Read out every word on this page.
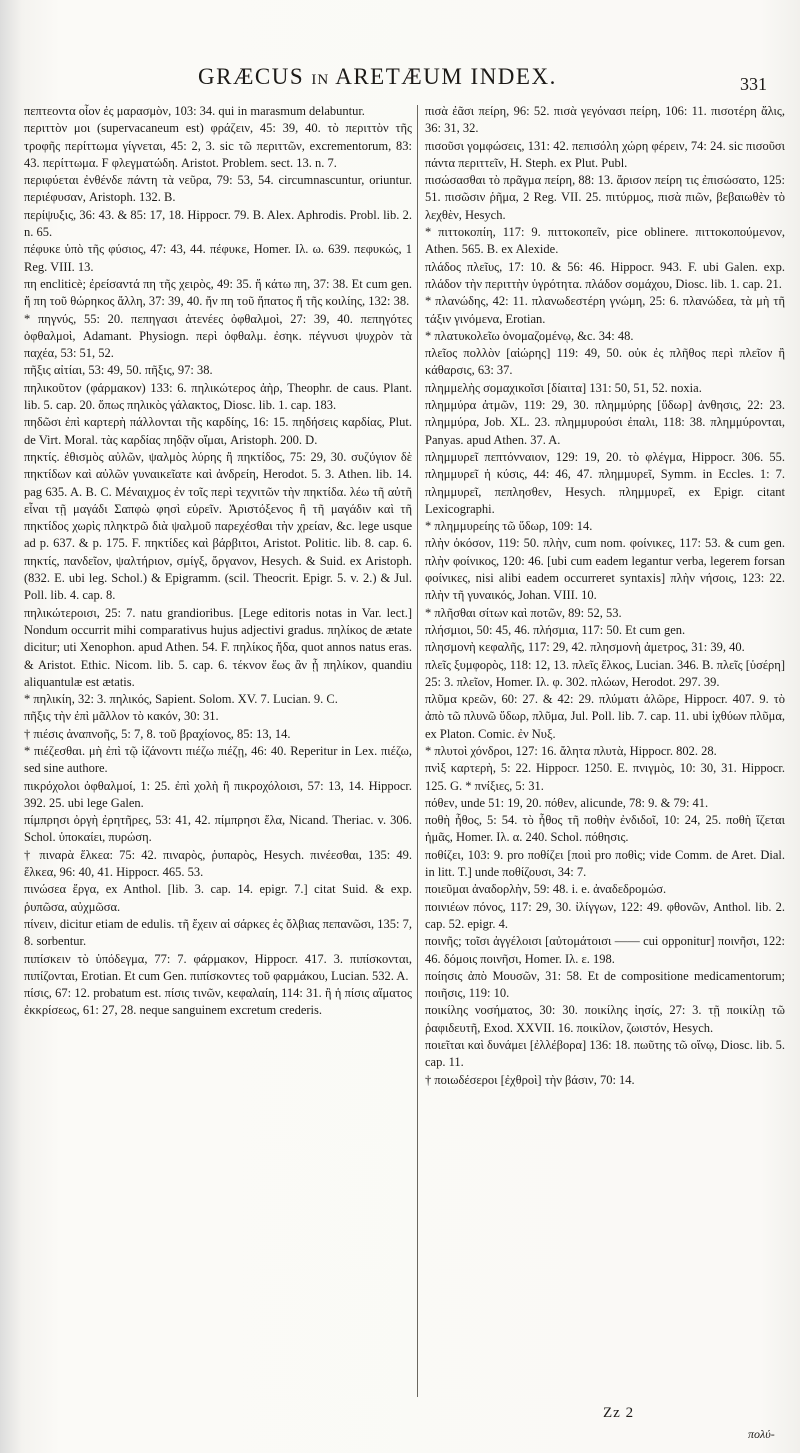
GRÆCUS IN ARETÆUM INDEX.	331

πεπτεοντα οἷον ἐς μαρασμὸν, 103: 34. qui in marasmum delabuntur.

περιττὸν μοι (supervacaneum est) φράζειν, 45: 39, 40. τὸ περιττὸν τῆς τροφῆς περίττωμα γίγνεται, 45: 2, 3. sic τῶ περιττῶν, excrementorum, 83: 43. περίττωμα. F φλεγματώδη. Aristot. Problem. sect. 13. n. 7.

περιφύεται ἐνθένδε πάντη τὰ νεῦρα, 79: 53, 54. circumnascuntur, oriuntur. περιέφυσαν, Aristoph. 132. B.

περίψυξις, 36: 43. & 85: 17, 18. Hippocr. 79. B. Alex. Aphrodis. Probl. lib. 2. n. 65.

πέφυκε ὑπὸ τῆς φύσιος, 47: 43, 44. πέφυκε, Homer. Iλ. ω. 639. πεφυκώς, 1 Reg. VIII. 13.

πη encliticè; ἐρείσαντά πη τῆς χειρὸς, 49: 35. ἤ κάτω πη, 37: 38. Et cum gen. ἤ πη τοῦ θώρηκος ἄλλη, 37: 39, 40. ἤν πη τοῦ ἥπατος ἤ τῆς κοιλίης, 132: 38.

* πηγνύς, 55: 20. πεπηγασι ἀτενέες ὀφθαλμοὶ, 27: 39, 40. πεπηγότες ὀφθαλμοὶ, Adamant. Physiogn. περὶ ὀφθαλμ. ἐσηκ. πέγνυσι ψυχρὸν τὰ παχέα, 53: 51, 52.

πῆξις αἰτίαι, 53: 49, 50. πῆξις, 97: 38.

πηλικοῦτον (φάρμακον) 133: 6. πηλικώτερος ἀὴρ, Theophr. de caus. Plant. lib. 5. cap. 20. ὅπως πηλικὸς γάλακτος, Diosc. lib. 1. cap. 183.

πηδῶσι ἐπὶ καρτερὴ πάλλονται τῆς καρδίης, 16: 15. πηδήσεις καρδίας, Plut. de Virt. Moral. τὰς καρδίας πηδᾷν οἴμαι, Aristoph. 200. D.

πηκτίς. ἐθισμὸς αὐλῶν, ψαλμὸς λύρης ἢ πηκτίδος, 75: 29, 30. συζύγιον δὲ πηκτίδων καὶ αὐλῶν γυναικεῖατε καὶ ἀνδρείη, Herodot. 5. 3. Athen. lib. 14. pag 635. A. B. C. Μέναιχμος ἐν τοῖς περὶ τεχνιτῶν τὴν πηκτίδα. λέω τῆ αὐτῆ εἶναι τῇ μαγάδι Σαπφὼ φησὶ εὑρεῖν. Ἀριστόξενος ἢ τῆ μαγάδιν καὶ τῆ πηκτίδος χωρὶς πληκτρῶ διὰ ψαλμοῦ παρεχέσθαι τὴν χρείαν, &c. lege usque ad p. 637. & p. 175. F. πηκτίδες καὶ βάρβιτοι, Aristot. Politic. lib. 8. cap. 6. πηκτίς, πανδεῖον, ψαλτήριον, σμίγξ, ὄργανον, Hesych. & Suid. ex Aristoph. (832. E. ubi leg. Schol.) & Epigramm. (scil. Theocrit. Epigr. 5. v. 2.) & Jul. Poll. lib. 4. cap. 8.

πηλικώτεροισι, 25: 7. natu grandioribus. [Lege editoris notas in Var. lect.] Nondum occurrit mihi comparativus hujus adjectivi gradus. πηλίκος de ætate dicitur; uti Xenophon. apud Athen. 54. F. πηλίκος ἤδα, quot annos natus eras. & Aristot. Ethic. Nicom. lib. 5. cap. 6. τέκνον ἕως ἂν ᾖ πηλίκον, quandiu aliquantulæ est ætatis.

* πηλικίη, 32: 3. πηλικός, Sapient. Solom. XV. 7. Lucian. 9. C.

πῆξις τὴν ἐπὶ μᾶλλον τὸ κακόν, 30: 31.

† πιέσις ἀναπνοῆς, 5: 7, 8. τοῦ βραχίονος, 85: 13, 14.

* πιέζεσθαι. μὴ ἐπὶ τῷ ἰζάνοντι πιέζω πιέζῃ, 46: 40. Reperitur in Lex. πιέζω, sed sine authore.

πικρόχολοι ὀφθαλμοί, 1: 25. ἐπὶ χολὴ ἢ πικροχόλοισι, 57: 13, 14. Hippocr. 392. 25. ubi lege Galen.

πίμπρησι ὀργὴ ἐρητῆρες, 53: 41, 42. πίμπρησι ἕλα, Nicand. Theriac. v. 306. Schol. ὑποκαίει, πυρώση.

† πιναρὰ ἕλκεα: 75: 42. πιναρὸς, ῥυπαρὸς, Hesych. πινέεσθαι, 135: 49. ἕλκεα, 96: 40, 41. Hippocr. 465. 53.

πινώσεα ἔργα, ex Anthol. [lib. 3. cap. 14. epigr. 7.] citat Suid. & exp. ῥυπῶσα, αὐχμῶσα.

πίνειν, dicitur etiam de edulis. τῆ ἔχειν αἱ σάρκες ἐς ὄλβιας πεπανῶσι, 135: 7, 8. sorbentur.

πιπίσκειν τὸ ὑπόδεγμα, 77: 7. φάρμακον, Hippocr. 417. 3. πιπίσκονται, πιπίζονται, Erotian. Et cum Gen. πιπίσκοντες τοῦ φαρμάκου, Lucian. 532. A.

πίσις, 67: 12. probatum est. πίσις τινῶν, κεφαλαίη, 114: 31. ἢ ἡ πίσις αἵματος ἐκκρίσεως, 61: 27, 28. neque sanguinem excretum crederis.

πισὰ ἐᾶσι πείρη, 96: 52. πισὰ γεγόνασι πείρη, 106: 11. πισοτέρη ἄλις, 36: 31, 32.

πισοῦσι γομφώσεις, 131: 42. πεπισόλη χώρη φέρειν, 74: 24. sic πισοῦσι πάντα περιττεῖν, H. Steph. ex Plut. Publ.

πισώσασθαι τὸ πρᾶγμα πείρη, 88: 13. ἄρισον πείρη τις ἐπισώσατο, 125: 51. πισῶσιν ῥῆμα, 2 Reg. VII. 25. πιτύρμος, πισὰ πιῶν, βεβαιωθὲν τὸ λεχθὲν, Hesych.

* πιττοκοπίη, 117: 9. πιττοκοπεῖν, pice oblinere. πιττοκοπούμενον, Athen. 565. B. ex Alexide.

πλάδος πλεῖυς, 17: 10. & 56: 46. Hippocr. 943. F. ubi Galen. exp. πλάδον τὴν περιττὴν ὑγρότητα. πλάδον σομάχου, Diosc. lib. 1. cap. 21.

* πλανώδης, 42: 11. πλανωδεστέρη γνώμη, 25: 6. πλανώδεα, τὰ μὴ τῆ τάξιν γινόμενα, Erotian.

* πλατυκολεῖω ὀνομαζομένῳ, &c. 34: 48.

πλεῖος πολλὸν [αἰώρης] 119: 49, 50. οὐκ ἐς πλῆθος περὶ πλεῖον ἢ κάθαρσις, 63: 37.

πλημμελὴς σομαχικοῖσι [δίαιτα] 131: 50, 51, 52. noxia.

πλημμύρα ἀτμῶν, 119: 29, 30. πλημμύρης [ὕδωρ] ἀνθησις, 22: 23. πλημμύρα, Job. XL. 23. πλημμυρούσι ἐπαλι, 118: 38. πλημμύρονται, Panyas. apud Athen. 37. A.

πλημμυρεῖ πεπτόνναιον, 129: 19, 20. τὸ φλέγμα, Hippocr. 306. 55. πλημμυρεῖ ἡ κύσις, 44: 46, 47. πλημμυρεῖ, Symm. in Eccles. 1: 7. πλημμυρεῖ, πεπλησθεν, Hesych. πλημμυρεῖ, ex Epigr. citant Lexicographi.

* πλημμυρείης τῶ ὕδωρ, 109: 14.

πλὴν ὀκόσον, 119: 50. πλὴν, cum nom. φοίνικες, 117: 53. & cum gen. πλὴν φοίνικος, 120: 46. [ubi cum eadem legantur verba, legerem forsan φοίνικες, nisi alibi eadem occurreret syntaxis] πλὴν νήσοις, 123: 22. πλὴν τῆ γυναικός, Johan. VIII. 10.

* πλῆσθαι σίτων καὶ ποτῶν, 89: 52, 53.

πλήσμιοι, 50: 45, 46. πλήσμια, 117: 50. Et cum gen.

πλησμονὴ κεφαλῆς, 117: 29, 42. πλησμονὴ ἀμετρος, 31: 39, 40.

πλεῖς ξυμφορὸς, 118: 12, 13. πλεῖς ἕλκος, Lucian. 346. B. πλεῖς [ὑσέρη] 25: 3. πλεῖον, Homer. Iλ. φ. 302. πλώων, Herodot. 297. 39.

πλῦμα κρεῶν, 60: 27. & 42: 29. πλύματι ἁλῶρε, Hippocr. 407. 9. τὸ ἀπὸ τῶ πλυνῶ ὕδωρ, πλῦμα, Jul. Poll. lib. 7. cap. 11. ubi ἰχθύων πλῦμα, ex Platon. Comic. ἐν Νυξ.

* πλυτοὶ χόνδροι, 127: 16. ἄλητα πλυτὰ, Hippocr. 802. 28.

πνὶξ καρτερὴ, 5: 22. Hippocr. 1250. E. πνιγμὸς, 10: 30, 31. Hippocr. 125. G. * πνίξιες, 5: 31.

πόθεν, unde 51: 19, 20. πόθεν, alicunde, 78: 9. & 79: 41.

ποθὴ ἦθος, 5: 54. τὸ ἦθος τῆ ποθὴν ἐνδιδοῖ, 10: 24, 25. ποθὴ ἵζεται ἡμᾶς, Homer. Iλ. α. 240. Schol. πόθησις.

ποθίζει, 103: 9. pro ποθίζει [ποιὶ pro ποθὶς; vide Comm. de Aret. Dial. in litt. T.] unde ποθίζουσι, 34: 7.

ποιεῦμαι ἀναδορλὴν, 59: 48. i. e. ἀναδεδρομώσ.

ποινιέων πόνος, 117: 29, 30. ἰλίγγων, 122: 49. φθονῶν, Anthol. lib. 2. cap. 52. epigr. 4.

ποινῆς; τοῖσι ἀγγέλοισι [αὐτομάτοισι —— cui opponitur] ποινῆσι, 122: 46. δόμοις ποινῆσι, Homer. Iλ. ε. 198.

ποίησις ἀπὸ Μουσῶν, 31: 58. Et de compositione medicamentorum; ποιῆσις, 119: 10.

ποικίλης νοσήματος, 30: 30. ποικίλης ἰησίς, 27: 3. τῇ ποικίλῃ τῶ ῥαφιδευτῆ, Exod. XXVII. 16. ποικίλον, ζωιστόν, Hesych.

ποιεῖται καὶ δυνάμει [ἐλλέβορα] 136: 18. πωῦτης τῶ οἴνῳ, Diosc. lib. 5. cap. 11.

† ποιωδέσεροι [ἐχθροὶ] τὴν βάσιν, 70: 14.

Zz 2
πολύ-
